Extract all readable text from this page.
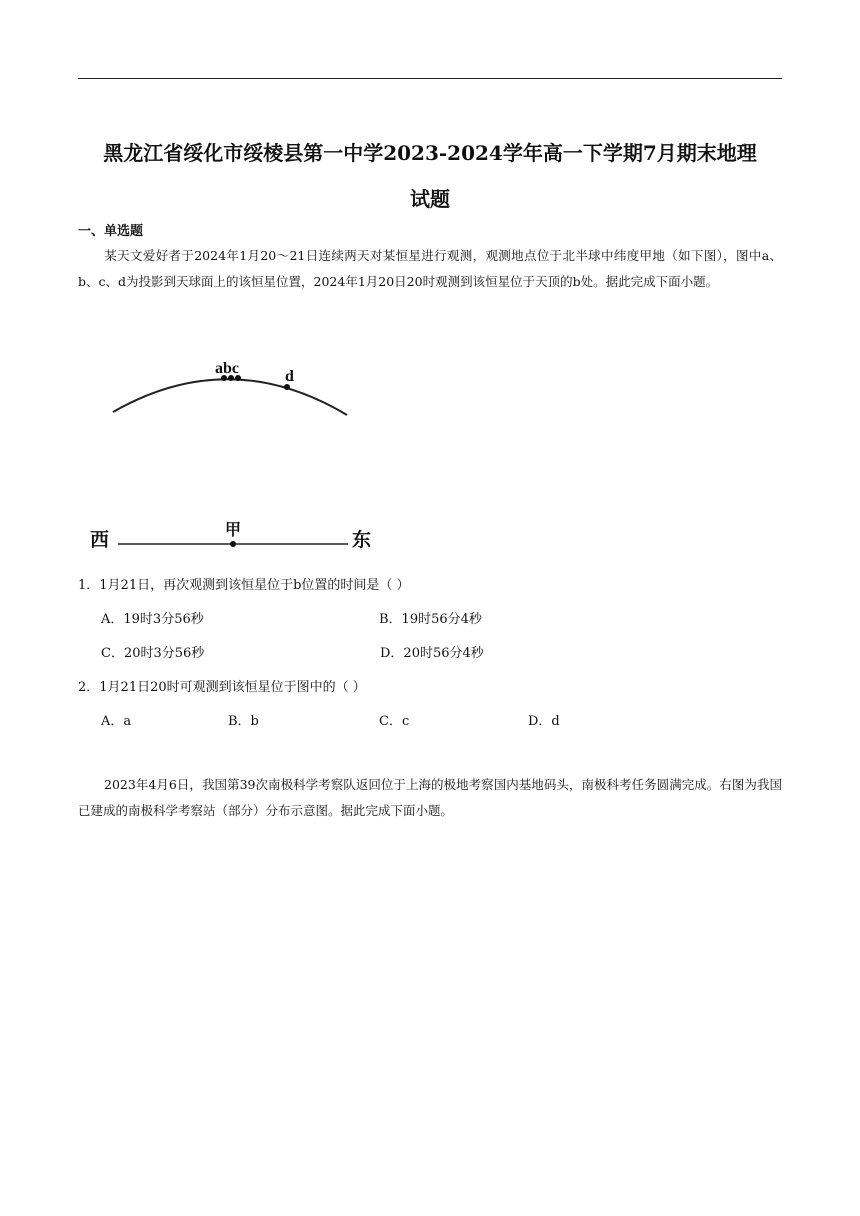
黑龙江省绥化市绥棱县第一中学2023-2024学年高一下学期7月期末地理
试题
一、单选题
某天文爱好者于2024年1月20～21日连续两天对某恒星进行观测，观测地点位于北半球中纬度甲地（如下图），图中a、b、c、d为投影到天球面上的该恒星位置，2024年1月20日20时观测到该恒星位于天顶的b处。据此完成下面小题。
abc	d
西	东
甲
1．1月21日，再次观测到该恒星位于b位置的时间是（ ）
A．19时3分56秒	B．19时56分4秒
C．20时3分56秒	D．20时56分4秒
2．1月21日20时可观测到该恒星位于图中的（ ）
A．a	B．b	C．c	D．d
2023年4月6日，我国第39次南极科学考察队返回位于上海的极地考察国内基地码头，南极科考任务圆满完成。右图为我国已建成的南极科学考察站（部分）分布示意图。据此完成下面小题。
